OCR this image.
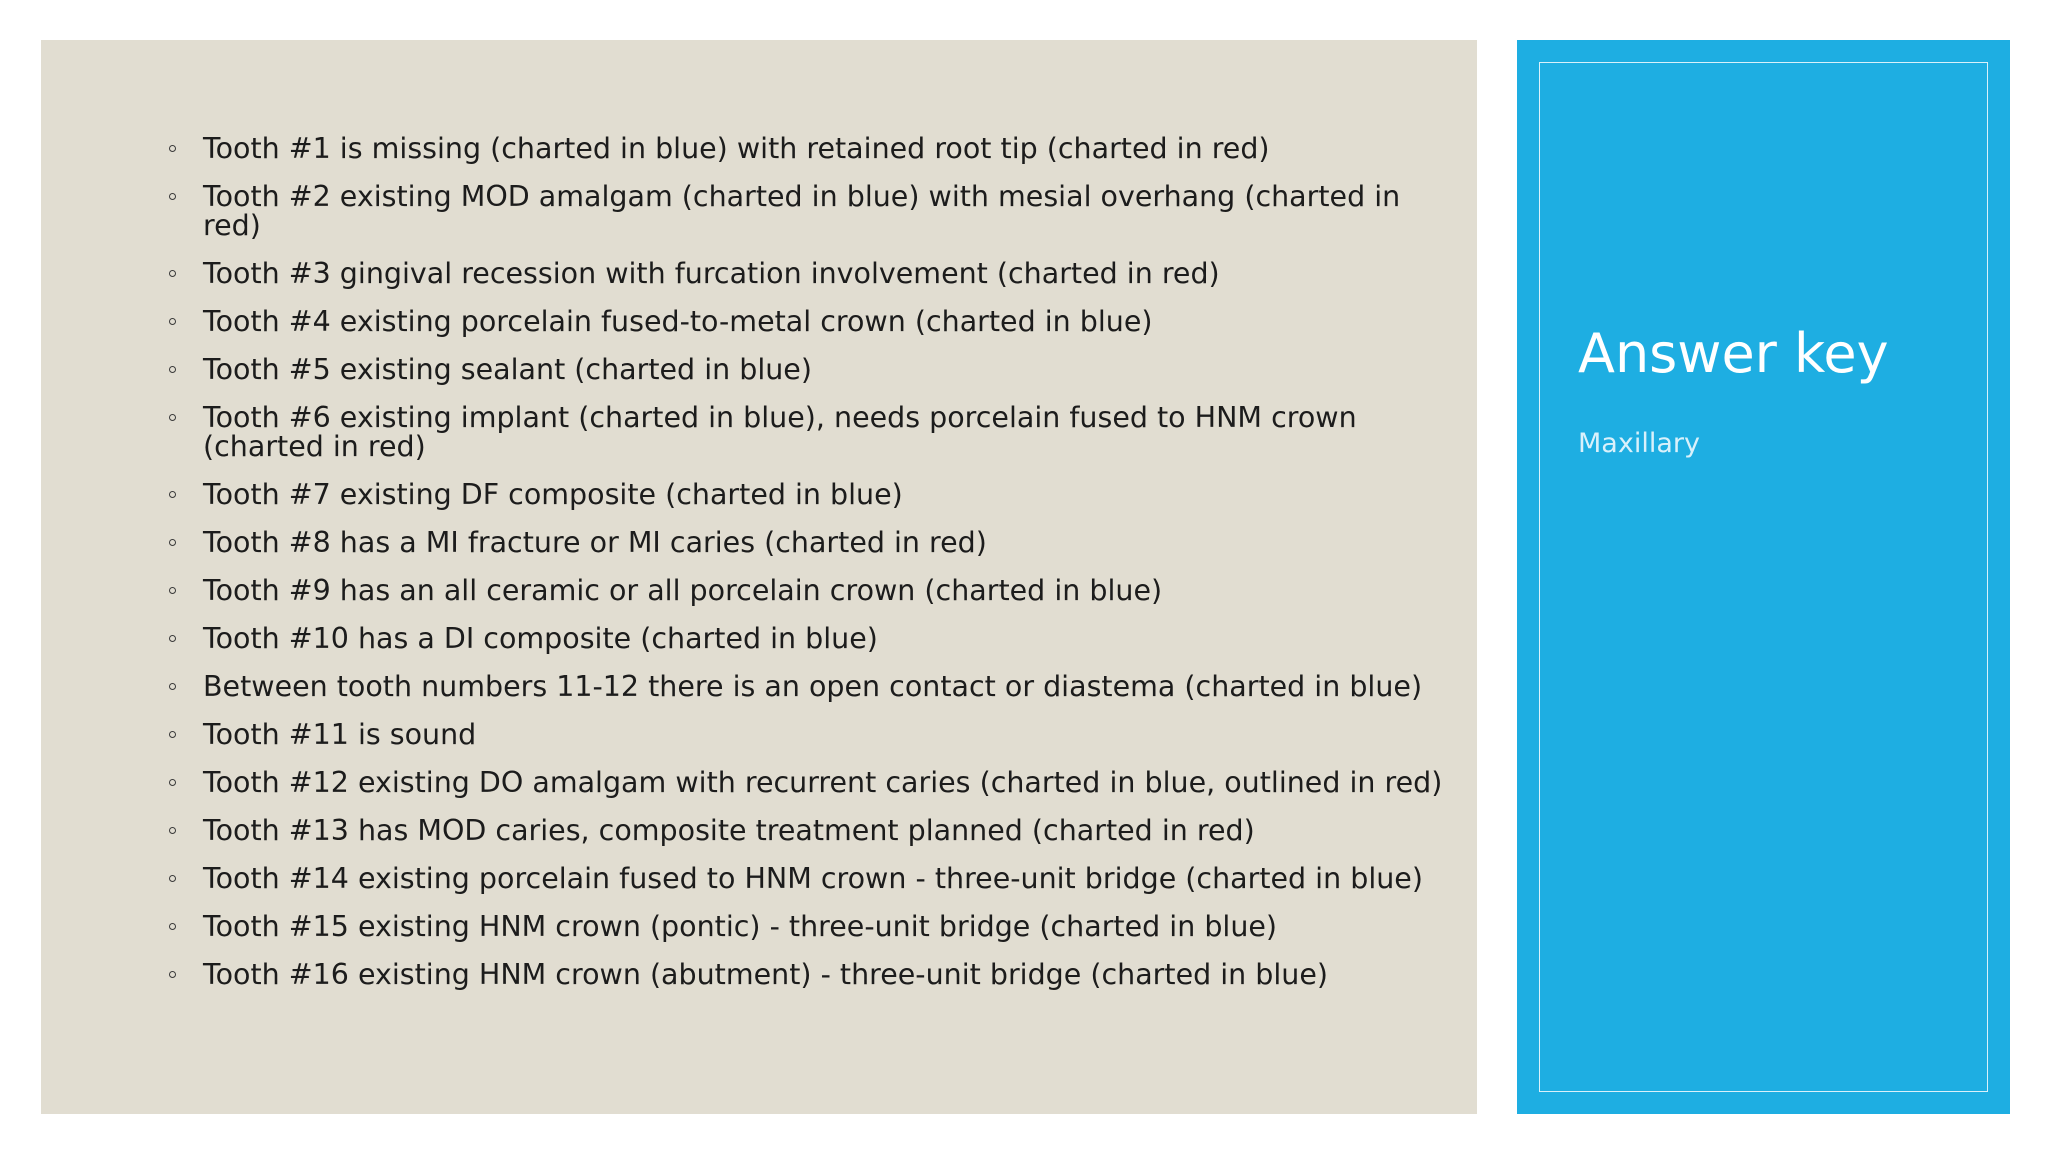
Tooth #1 is missing (charted in blue) with retained root tip (charted in red)
Tooth #2 existing MOD amalgam (charted in blue) with mesial overhang (charted in red)
Tooth #3 gingival recession with furcation involvement (charted in red)
Tooth #4 existing porcelain fused-to-metal crown (charted in blue)
Tooth #5 existing sealant (charted in blue)
Tooth #6 existing implant (charted in blue), needs porcelain fused to HNM crown (charted in red)
Tooth #7 existing DF composite (charted in blue)
Tooth #8 has a MI fracture or MI caries (charted in red)
Tooth #9 has an all ceramic or all porcelain crown (charted in blue)
Tooth #10 has a DI composite (charted in blue)
Between tooth numbers 11-12 there is an open contact or diastema (charted in blue)
Tooth #11 is sound
Tooth #12 existing DO amalgam with recurrent caries (charted in blue, outlined in red)
Tooth #13 has MOD caries, composite treatment planned (charted in red)
Tooth #14 existing porcelain fused to HNM crown - three-unit bridge (charted in blue)
Tooth #15 existing HNM crown (pontic) - three-unit bridge (charted in blue)
Tooth #16 existing HNM crown (abutment) - three-unit bridge (charted in blue)
Answer key
Maxillary
